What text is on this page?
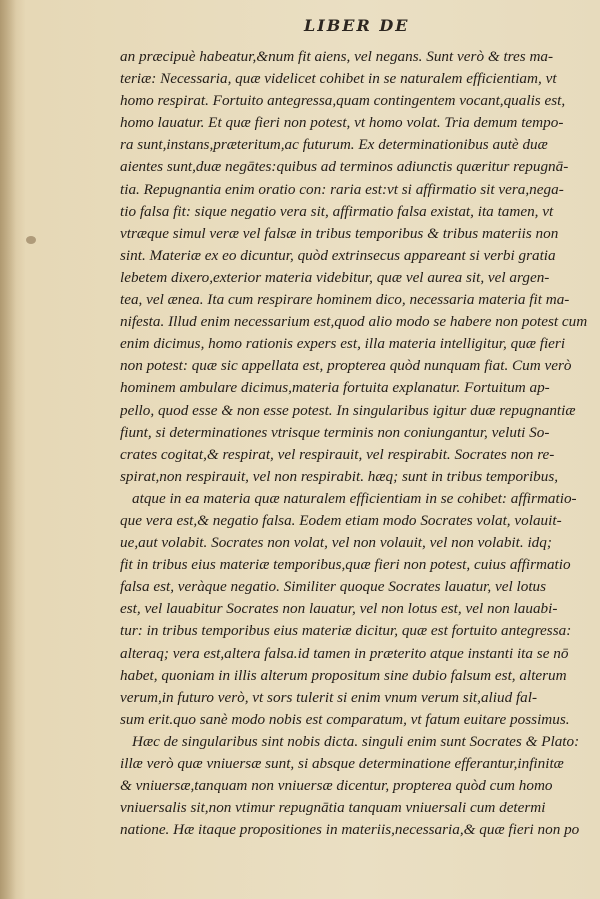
LIBER DE
an præcipuè habeatur,&num fit aiens, vel negans. Sunt verò & tres ma-
teriæ: Necessaria, quæ videlicet cohibet in se naturalem efficientiam, vt
homo respirat. Fortuito antegressa,quam contingentem vocant,qualis est,
homo lauatur. Et quæ fieri non potest, vt homo volat. Tria demum tempo-
ra sunt,instans,præteritum,ac futurum. Ex determinationibus autè duæ
aientes sunt,duæ negātes:quibus ad terminos adiunctis quæritur repugnā-
tia. Repugnantia enim oratio con: raria est:vt si affirmatio sit vera,nega-
tio falsa fit: sique negatio vera sit, affirmatio falsa existat, ita tamen, vt
vtræque simul veræ vel falsæ in tribus temporibus & tribus materiis non
sint. Materiæ ex eo dicuntur, quòd extrinsecus appareant si verbi gratia
lebetem dixero,exterior materia videbitur, quæ vel aurea sit, vel argen-
tea, vel ænea. Ita cum respirare hominem dico, necessaria materia fit ma-
nifesta. Illud enim necessarium est,quod alio modo se habere non potest cum
enim dicimus, homo rationis expers est, illa materia intelligitur, quæ fieri
non potest: quæ sic appellata est, propterea quòd nunquam fiat. Cum verò
hominem ambulare dicimus,materia fortuita explanatur. Fortuitum ap-
pello, quod esse & non esse potest. In singularibus igitur duæ repugnantiæ
fiunt, si determinationes vtrisque terminis non coniungantur, veluti So-
crates cogitat,& respirat, vel respirauit, vel respirabit. Socrates non re-
spirat,non respirauit, vel non respirabit. hæq; sunt in tribus temporibus,
atque in ea materia quæ naturalem efficientiam in se cohibet: affirmatio-
que vera est,& negatio falsa. Eodem etiam modo Socrates volat, volauit-
ue,aut volabit. Socrates non volat, vel non volauit, vel non volabit. idq;
fit in tribus eius materiæ temporibus,quæ fieri non potest, cuius affirmatio
falsa est, veràque negatio. Similiter quoque Socrates lauatur, vel lotus
est, vel lauabitur Socrates non lauatur, vel non lotus est, vel non lauabi-
tur: in tribus temporibus eius materiæ dicitur, quæ est fortuito antegressa:
alteraq; vera est,altera falsa.id tamen in præterito atque instanti ita se nō
habet, quoniam in illis alterum propositum sine dubio falsum est, alterum
verum,in futuro verò, vt sors tulerit si enim vnum verum sit,aliud fal-
sum erit.quo sanè modo nobis est comparatum, vt fatum euitare possimus.
Hæc de singularibus sint nobis dicta. singuli enim sunt Socrates & Plato:
illæ verò quæ vniuersæ sunt, si absque determinatione efferantur,infinitæ
& vniuersæ,tanquam non vniuersæ dicentur, propterea quòd cum homo
vniuersalis sit,non vtimur repugnātia tanquam vniuersali cum determi
natione. Hæ itaque propositiones in materiis,necessaria,& quæ fieri non po
